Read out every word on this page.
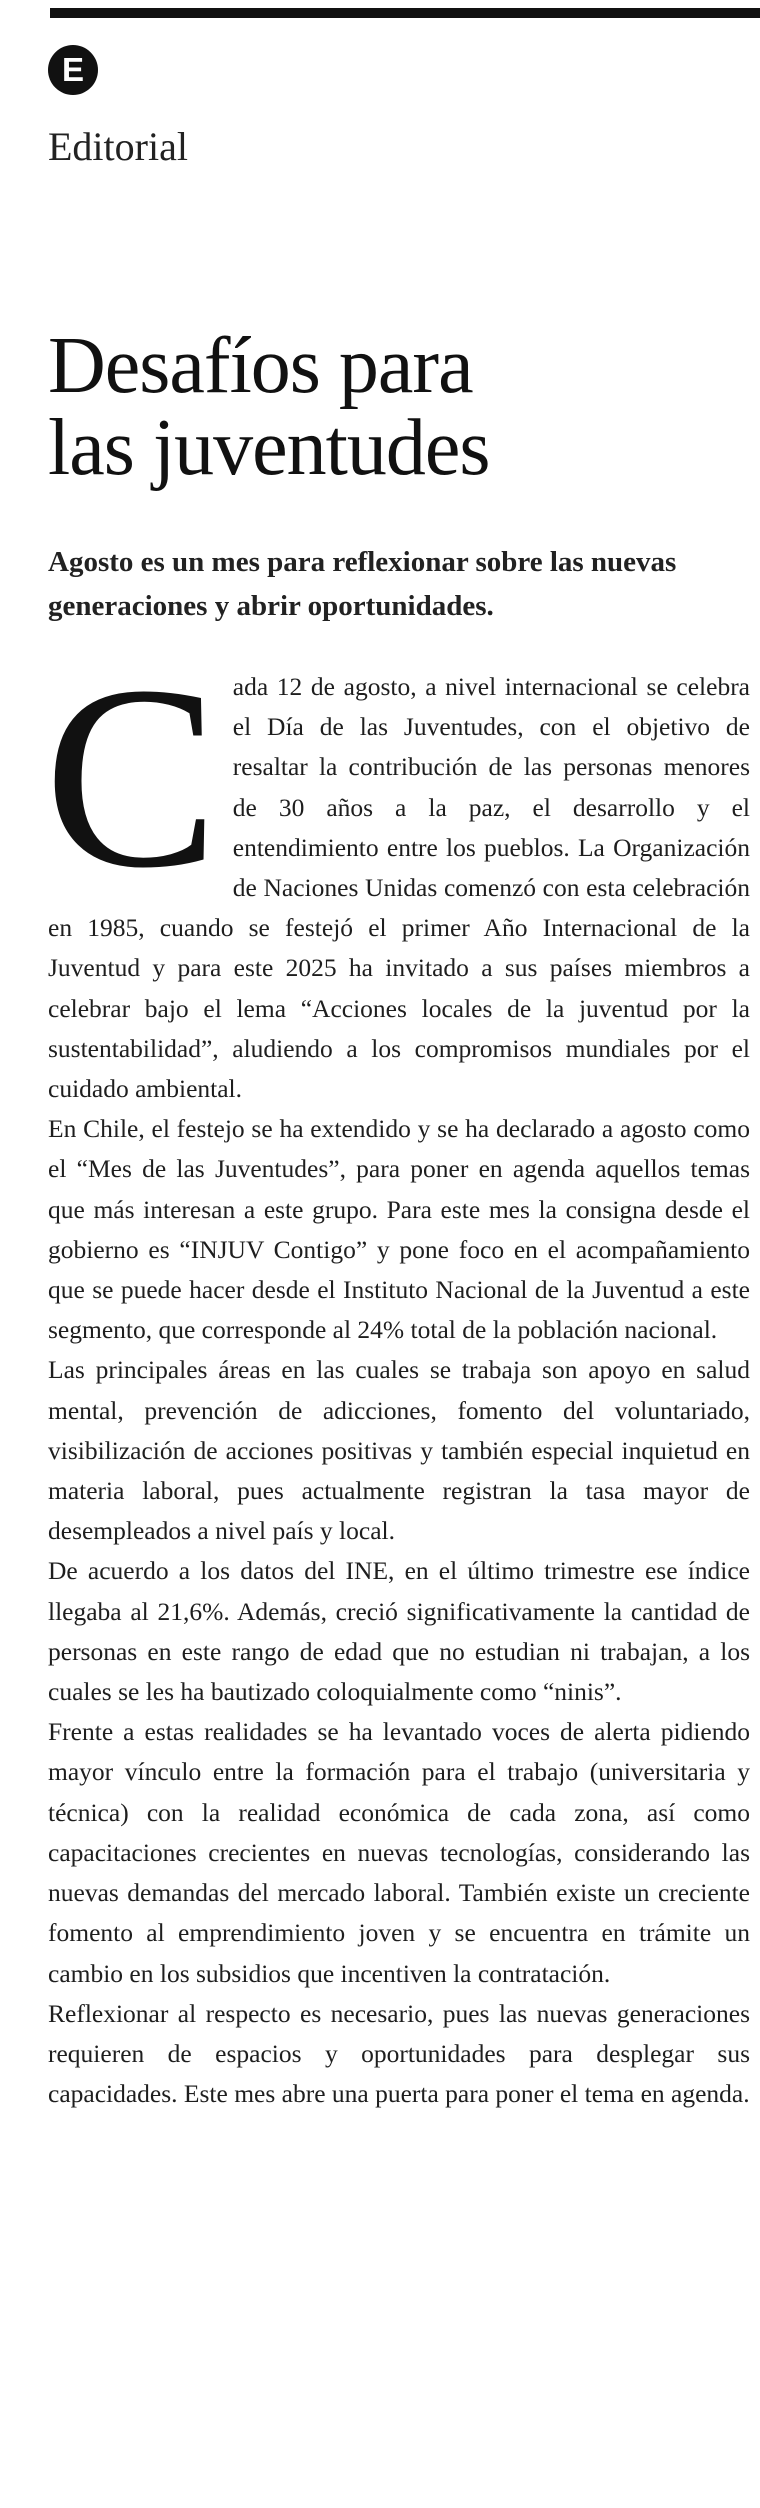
E
Editorial
Desafíos para
las juventudes

Agosto es un mes para reflexionar sobre las nuevas generaciones y abrir oportunidades.

Cada 12 de agosto, a nivel internacional se celebra el Día de las Juventudes, con el objetivo de resaltar la contribución de las personas menores de 30 años a la paz, el desarrollo y el entendimiento entre los pueblos. La Organización de Naciones Unidas comenzó con esta celebración en 1985, cuando se festejó el primer Año Internacional de la Juventud y para este 2025 ha invitado a sus países miembros a celebrar bajo el lema “Acciones locales de la juventud por la sustentabilidad”, aludiendo a los compromisos mundiales por el cuidado ambiental.

En Chile, el festejo se ha extendido y se ha declarado a agosto como el “Mes de las Juventudes”, para poner en agenda aquellos temas que más interesan a este grupo. Para este mes la consigna desde el gobierno es “INJUV Contigo” y pone foco en el acompañamiento que se puede hacer desde el Instituto Nacional de la Juventud a este segmento, que corresponde al 24% total de la población nacional.

Las principales áreas en las cuales se trabaja son apoyo en salud mental, prevención de adicciones, fomento del voluntariado, visibilización de acciones positivas y también especial inquietud en materia laboral, pues actualmente registran la tasa mayor de desempleados a nivel país y local.

De acuerdo a los datos del INE, en el último trimestre ese índice llegaba al 21,6%. Además, creció significativamente la cantidad de personas en este rango de edad que no estudian ni trabajan, a los cuales se les ha bautizado coloquialmente como “ninis”.

Frente a estas realidades se ha levantado voces de alerta pidiendo mayor vínculo entre la formación para el trabajo (universitaria y técnica) con la realidad económica de cada zona, así como capacitaciones crecientes en nuevas tecnologías, considerando las nuevas demandas del mercado laboral. También existe un creciente fomento al emprendimiento joven y se encuentra en trámite un cambio en los subsidios que incentiven la contratación.

Reflexionar al respecto es necesario, pues las nuevas generaciones requieren de espacios y oportunidades para desplegar sus capacidades. Este mes abre una puerta para poner el tema en agenda.
